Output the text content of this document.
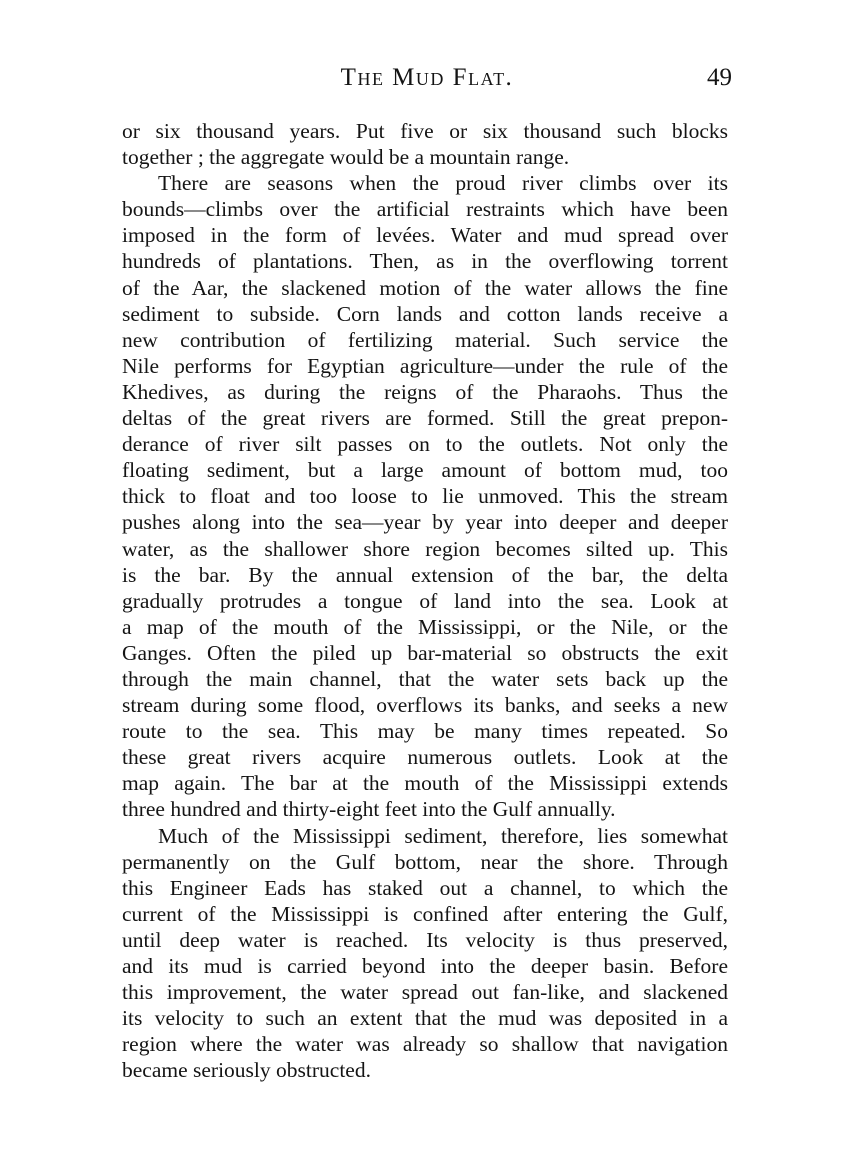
The Mud Flat.	49
or six thousand years. Put five or six thousand such blocks
together ; the aggregate would be a mountain range.
There are seasons when the proud river climbs over its
bounds—climbs over the artificial restraints which have been
imposed in the form of levées. Water and mud spread over
hundreds of plantations. Then, as in the overflowing torrent
of the Aar, the slackened motion of the water allows the fine
sediment to subside. Corn lands and cotton lands receive a
new contribution of fertilizing material. Such service the
Nile performs for Egyptian agriculture—under the rule of the
Khedives, as during the reigns of the Pharaohs. Thus the
deltas of the great rivers are formed. Still the great prepon-
derance of river silt passes on to the outlets. Not only the
floating sediment, but a large amount of bottom mud, too
thick to float and too loose to lie unmoved. This the stream
pushes along into the sea—year by year into deeper and deeper
water, as the shallower shore region becomes silted up. This
is the bar. By the annual extension of the bar, the delta
gradually protrudes a tongue of land into the sea. Look at
a map of the mouth of the Mississippi, or the Nile, or the
Ganges. Often the piled up bar-material so obstructs the exit
through the main channel, that the water sets back up the
stream during some flood, overflows its banks, and seeks a new
route to the sea. This may be many times repeated. So
these great rivers acquire numerous outlets. Look at the
map again. The bar at the mouth of the Mississippi extends
three hundred and thirty-eight feet into the Gulf annually.
Much of the Mississippi sediment, therefore, lies somewhat
permanently on the Gulf bottom, near the shore. Through
this Engineer Eads has staked out a channel, to which the
current of the Mississippi is confined after entering the Gulf,
until deep water is reached. Its velocity is thus preserved,
and its mud is carried beyond into the deeper basin. Before
this improvement, the water spread out fan-like, and slackened
its velocity to such an extent that the mud was deposited in a
region where the water was already so shallow that navigation
became seriously obstructed.
